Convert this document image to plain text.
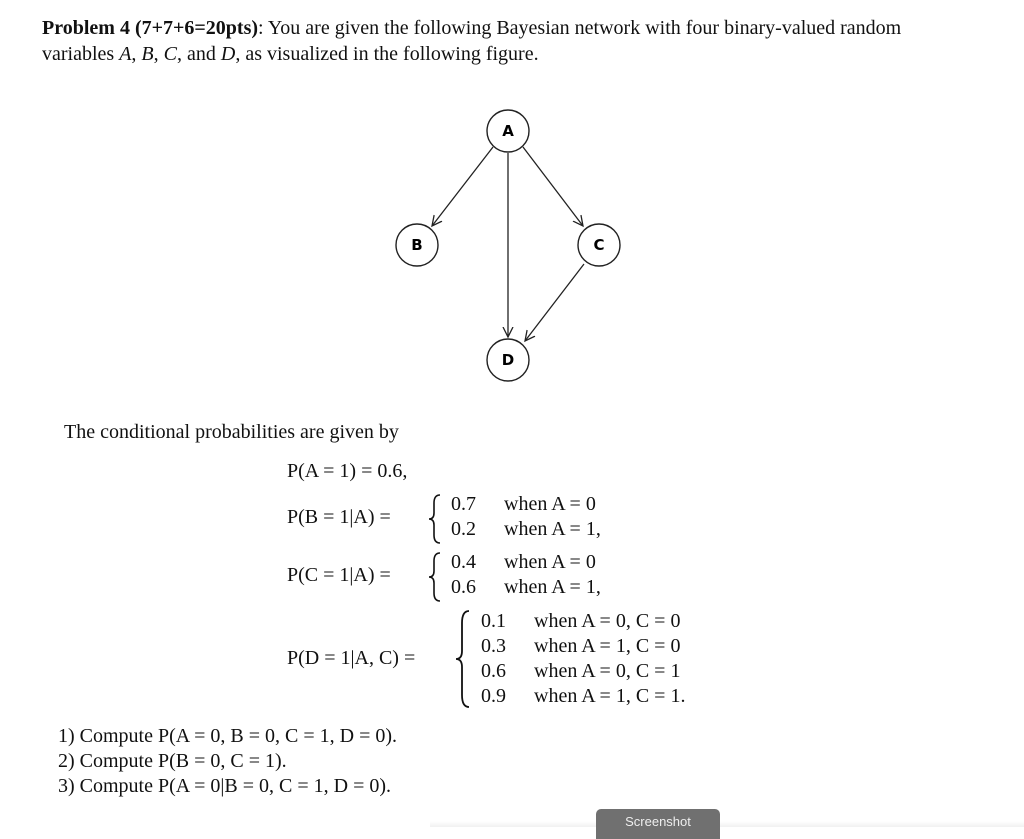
Problem 4 (7+7+6=20pts): You are given the following Bayesian network with four binary-valued random
variables A, B, C, and D, as visualized in the following figure.
A
B	C
D
The conditional probabilities are given by
P(A = 1) = 0.6,
P(B = 1|A) =
0.7 when A = 0
0.2 when A = 1,
P(C = 1|A) =
0.4 when A = 0
0.6 when A = 1,
P(D = 1|A, C) =
0.1 when A = 0, C = 0
0.3 when A = 1, C = 0
0.6 when A = 0, C = 1
0.9 when A = 1, C = 1.
1) Compute P(A = 0, B = 0, C = 1, D = 0).
2) Compute P(B = 0, C = 1).
3) Compute P(A = 0|B = 0, C = 1, D = 0).
Screenshot
